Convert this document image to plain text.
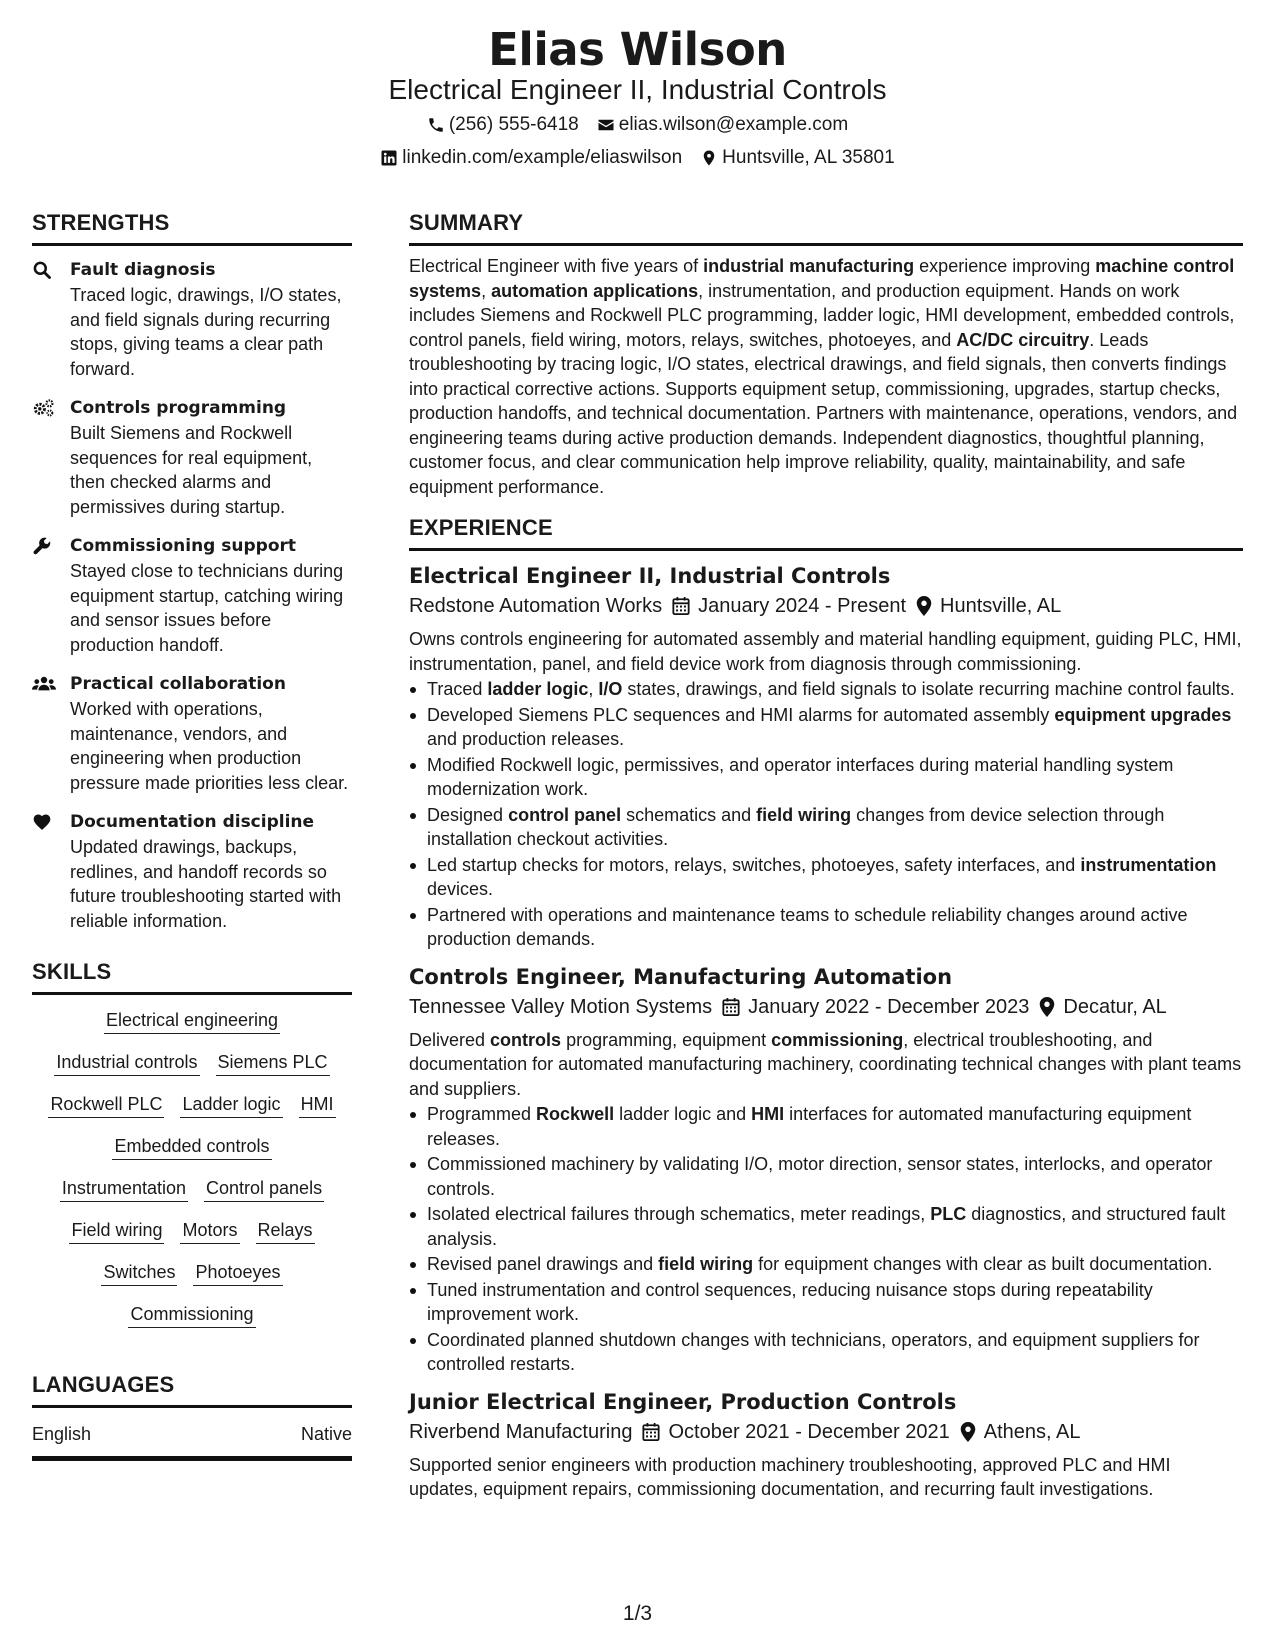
Elias Wilson
Electrical Engineer II, Industrial Controls
(256) 555-6418 elias.wilson@example.com
linkedin.com/example/eliaswilson Huntsville, AL 35801
STRENGTHS
Fault diagnosis
Traced logic, drawings, I/O states, and field signals during recurring stops, giving teams a clear path forward.
Controls programming
Built Siemens and Rockwell sequences for real equipment, then checked alarms and permissives during startup.
Commissioning support
Stayed close to technicians during equipment startup, catching wiring and sensor issues before production handoff.
Practical collaboration
Worked with operations, maintenance, vendors, and engineering when production pressure made priorities less clear.
Documentation discipline
Updated drawings, backups, redlines, and handoff records so future troubleshooting started with reliable information.
SKILLS
Electrical engineering
Industrial controls Siemens PLC
Rockwell PLC Ladder logic HMI
Embedded controls
Instrumentation Control panels
Field wiring Motors Relays
Switches Photoeyes
Commissioning
LANGUAGES
English	Native
SUMMARY
Electrical Engineer with five years of industrial manufacturing experience improving machine control systems, automation applications, instrumentation, and production equipment. Hands on work includes Siemens and Rockwell PLC programming, ladder logic, HMI development, embedded controls, control panels, field wiring, motors, relays, switches, photoeyes, and AC/DC circuitry. Leads troubleshooting by tracing logic, I/O states, electrical drawings, and field signals, then converts findings into practical corrective actions. Supports equipment setup, commissioning, upgrades, startup checks, production handoffs, and technical documentation. Partners with maintenance, operations, vendors, and engineering teams during active production demands. Independent diagnostics, thoughtful planning, customer focus, and clear communication help improve reliability, quality, maintainability, and safe equipment performance.
EXPERIENCE
Electrical Engineer II, Industrial Controls
Redstone Automation Works January 2024 - Present Huntsville, AL
Owns controls engineering for automated assembly and material handling equipment, guiding PLC, HMI, instrumentation, panel, and field device work from diagnosis through commissioning.
Traced ladder logic, I/O states, drawings, and field signals to isolate recurring machine control faults.
Developed Siemens PLC sequences and HMI alarms for automated assembly equipment upgrades and production releases.
Modified Rockwell logic, permissives, and operator interfaces during material handling system modernization work.
Designed control panel schematics and field wiring changes from device selection through installation checkout activities.
Led startup checks for motors, relays, switches, photoeyes, safety interfaces, and instrumentation devices.
Partnered with operations and maintenance teams to schedule reliability changes around active production demands.
Controls Engineer, Manufacturing Automation
Tennessee Valley Motion Systems January 2022 - December 2023 Decatur, AL
Delivered controls programming, equipment commissioning, electrical troubleshooting, and documentation for automated manufacturing machinery, coordinating technical changes with plant teams and suppliers.
Programmed Rockwell ladder logic and HMI interfaces for automated manufacturing equipment releases.
Commissioned machinery by validating I/O, motor direction, sensor states, interlocks, and operator controls.
Isolated electrical failures through schematics, meter readings, PLC diagnostics, and structured fault analysis.
Revised panel drawings and field wiring for equipment changes with clear as built documentation.
Tuned instrumentation and control sequences, reducing nuisance stops during repeatability improvement work.
Coordinated planned shutdown changes with technicians, operators, and equipment suppliers for controlled restarts.
Junior Electrical Engineer, Production Controls
Riverbend Manufacturing October 2021 - December 2021 Athens, AL
Supported senior engineers with production machinery troubleshooting, approved PLC and HMI updates, equipment repairs, commissioning documentation, and recurring fault investigations.
1/3
